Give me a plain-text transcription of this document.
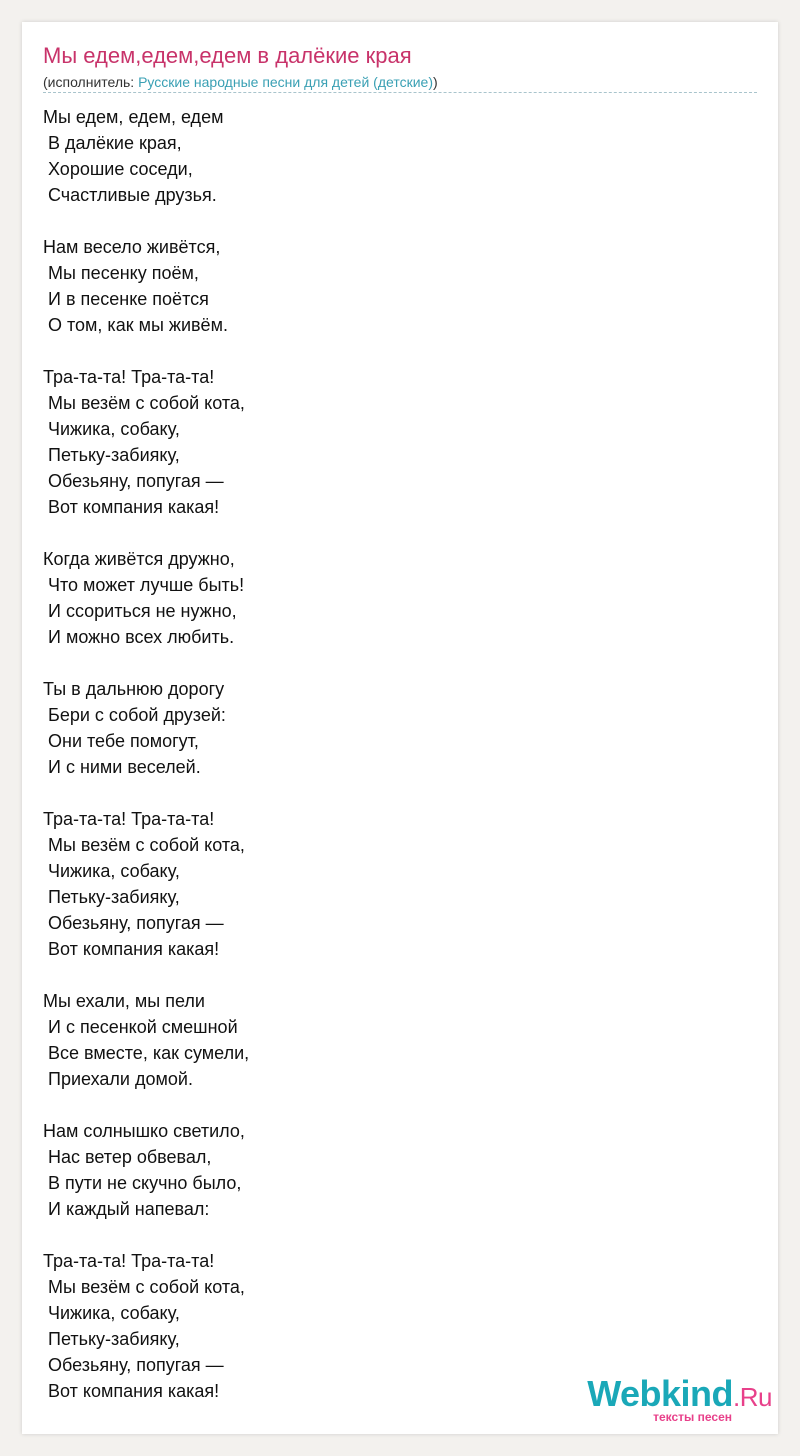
Мы едем,едем,едем в далёкие края
(исполнитель: Русские народные песни для детей (детские))
Мы едем, едем, едем
В далёкие края,
Хорошие соседи,
Счастливые друзья.
Нам весело живётся,
Мы песенку поём,
И в песенке поётся
О том, как мы живём.
Тра-та-та! Тра-та-та!
Мы везём с собой кота,
Чижика, собаку,
Петьку-забияку,
Обезьяну, попугая —
Вот компания какая!
Когда живётся дружно,
Что может лучше быть!
И ссориться не нужно,
И можно всех любить.
Ты в дальнюю дорогу
Бери с собой друзей:
Они тебе помогут,
И с ними веселей.
Тра-та-та! Тра-та-та!
Мы везём с собой кота,
Чижика, собаку,
Петьку-забияку,
Обезьяну, попугая —
Вот компания какая!
Мы ехали, мы пели
И с песенкой смешной
Все вместе, как сумели,
Приехали домой.
Нам солнышко светило,
Нас ветер обвевал,
В пути не скучно было,
И каждый напевал:
Тра-та-та! Тра-та-та!
Мы везём с собой кота,
Чижика, собаку,
Петьку-забияку,
Обезьяну, попугая —
Вот компания какая!	Webkind.Ru
тексты песен
